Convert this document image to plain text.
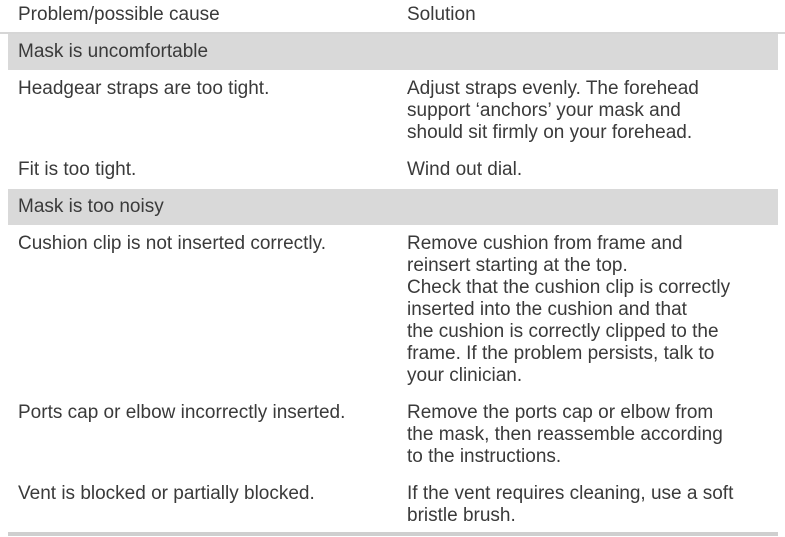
Problem/possible cause	Solution
Mask is uncomfortable
Headgear straps are too tight.	Adjust straps evenly. The forehead
support ‘anchors’ your mask and
should sit firmly on your forehead.
Fit is too tight.	Wind out dial.
Mask is too noisy
Cushion clip is not inserted correctly.	Remove cushion from frame and
reinsert starting at the top.
Check that the cushion clip is correctly
inserted into the cushion and that
the cushion is correctly clipped to the
frame. If the problem persists, talk to
your clinician.
Ports cap or elbow incorrectly inserted.	Remove the ports cap or elbow from
the mask, then reassemble according
to the instructions.
Vent is blocked or partially blocked.	If the vent requires cleaning, use a soft
bristle brush.
